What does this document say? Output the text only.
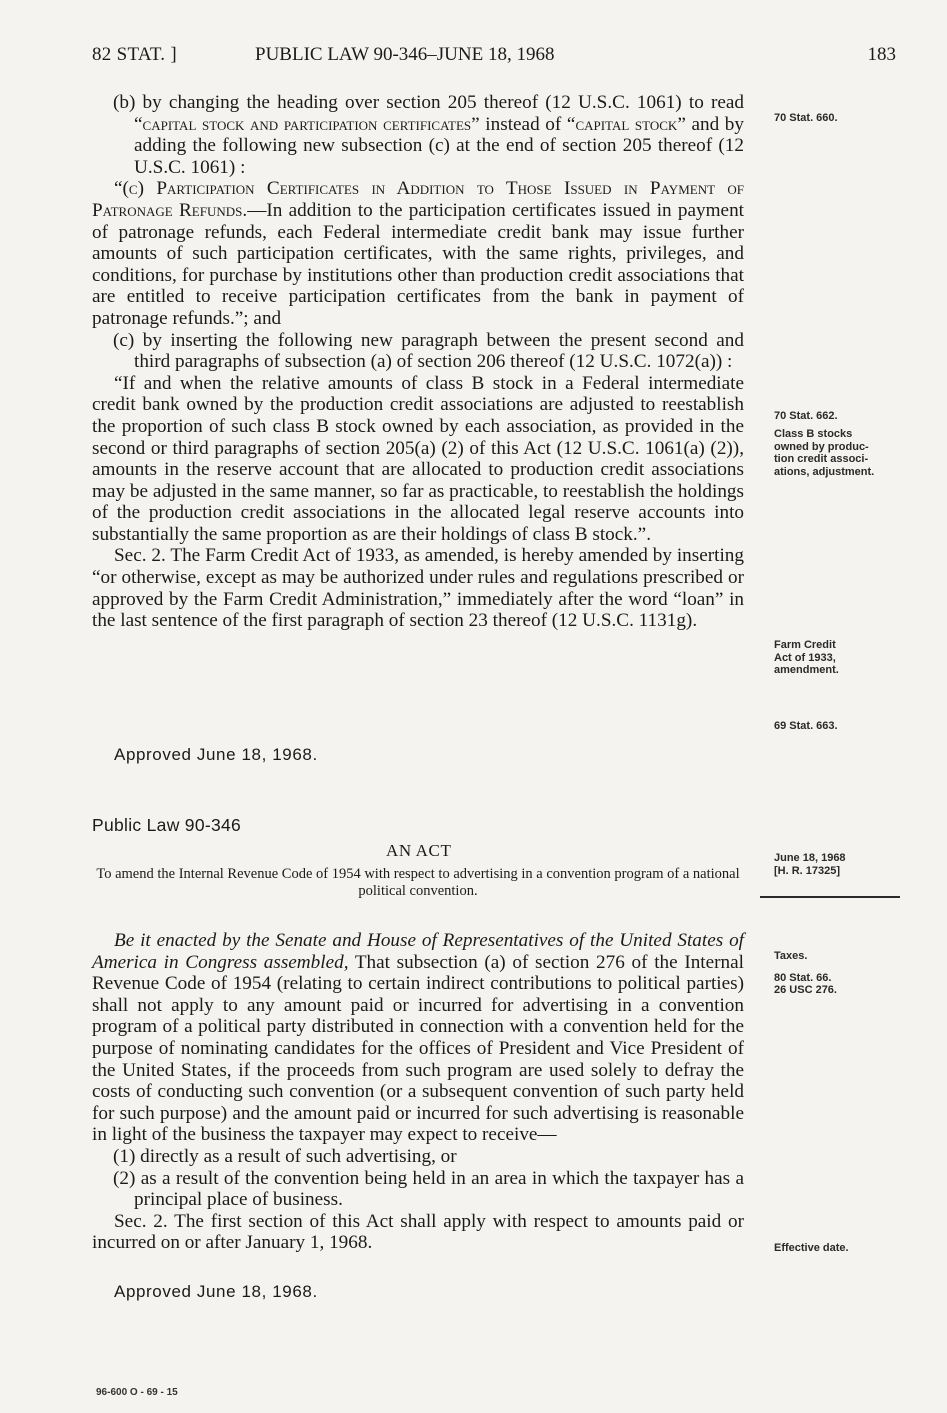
82 STAT. ]	PUBLIC LAW 90-346–JUNE 18, 1968	183

(b) by changing the heading over section 205 thereof (12 U.S.C. 1061) to read “capital stock and participation certificates” instead of “capital stock” and by adding the following new subsection (c) at the end of section 205 thereof (12 U.S.C. 1061) :

“(c) Participation Certificates in Addition to Those Issued in Payment of Patronage Refunds.—In addition to the participation certificates issued in payment of patronage refunds, each Federal intermediate credit bank may issue further amounts of such participation certificates, with the same rights, privileges, and conditions, for purchase by institutions other than production credit associations that are entitled to receive participation certificates from the bank in payment of patronage refunds.”; and

(c) by inserting the following new paragraph between the present second and third paragraphs of subsection (a) of section 206 thereof (12 U.S.C. 1072(a)) :

“If and when the relative amounts of class B stock in a Federal intermediate credit bank owned by the production credit associations are adjusted to reestablish the proportion of such class B stock owned by each association, as provided in the second or third paragraphs of section 205(a) (2) of this Act (12 U.S.C. 1061(a) (2)), amounts in the reserve account that are allocated to production credit associations may be adjusted in the same manner, so far as practicable, to reestablish the holdings of the production credit associations in the allocated legal reserve accounts into substantially the same proportion as are their holdings of class B stock.”.

Sec. 2. The Farm Credit Act of 1933, as amended, is hereby amended by inserting “or otherwise, except as may be authorized under rules and regulations prescribed or approved by the Farm Credit Administration,” immediately after the word “loan” in the last sentence of the first paragraph of section 23 thereof (12 U.S.C. 1131g).

Approved June 18, 1968.
70 Stat. 660.
70 Stat. 662.
Class B stocks
owned by produc-
tion credit associ-
ations, adjustment.
Farm Credit
Act of 1933,
amendment.
69 Stat. 663.
Public Law 90-346
AN ACT
To amend the Internal Revenue Code of 1954 with respect to advertising in a convention program of a national political convention.
June 18, 1968
[H. R. 17325]

Be it enacted by the Senate and House of Representatives of the United States of America in Congress assembled, That subsection (a) of section 276 of the Internal Revenue Code of 1954 (relating to certain indirect contributions to political parties) shall not apply to any amount paid or incurred for advertising in a convention program of a political party distributed in connection with a convention held for the purpose of nominating candidates for the offices of President and Vice President of the United States, if the proceeds from such program are used solely to defray the costs of conducting such convention (or a subsequent convention of such party held for such purpose) and the amount paid or incurred for such advertising is reasonable in light of the business the taxpayer may expect to receive—

(1) directly as a result of such advertising, or

(2) as a result of the convention being held in an area in which the taxpayer has a principal place of business.

Sec. 2. The first section of this Act shall apply with respect to amounts paid or incurred on or after January 1, 1968.

Approved June 18, 1968.
Taxes.
80 Stat. 66.
26 USC 276.
Effective date.
96-600 O - 69 - 15
